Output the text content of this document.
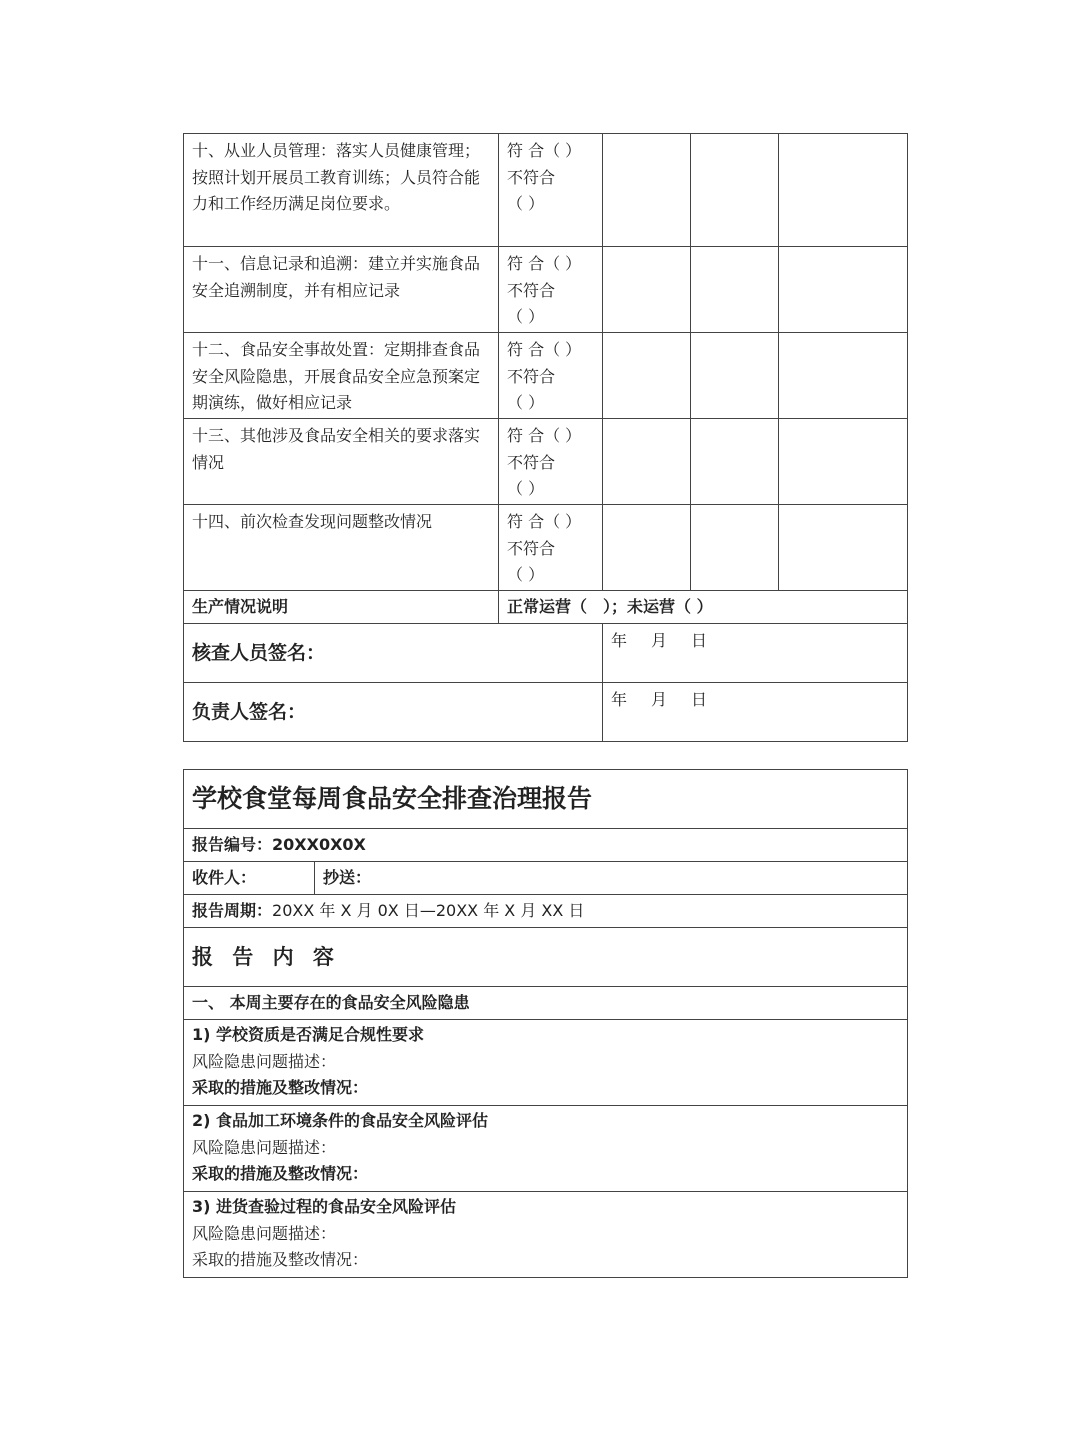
十、从业人员管理：落实人员健康管理；按照计划开展员工教育训练；人员符合能力和工作经历满足岗位要求。	符 合（ ）
不符合
（ ）			

十一、信息记录和追溯：建立并实施食品安全追溯制度，并有相应记录	符 合（ ）
不符合
（ ）			

十二、食品安全事故处置：定期排查食品安全风险隐患，开展食品安全应急预案定期演练，做好相应记录	符 合（ ）
不符合
（ ）			

十三、其他涉及食品安全相关的要求落实情况	符 合（ ）
不符合
（ ）			

十四、前次检查发现问题整改情况	符 合（ ）
不符合
（ ）			

生产情况说明	正常运营（　）；未运营（ ）			
核查人员签名：		年 月 日		
负责人签名：		年 月 日		
学校食堂每周食品安全排查治理报告
报告编号：20XX0X0X
收件人：	抄送：
报告周期：20XX 年 X 月 0X 日—20XX 年 X 月 XX 日
报 告 内 容
一、 本周主要存在的食品安全风险隐患

1) 学校资质是否满足合规性要求
风险隐患问题描述：
采取的措施及整改情况：

2) 食品加工环境条件的食品安全风险评估
风险隐患问题描述：
采取的措施及整改情况：

3) 进货查验过程的食品安全风险评估
风险隐患问题描述：
采取的措施及整改情况：
